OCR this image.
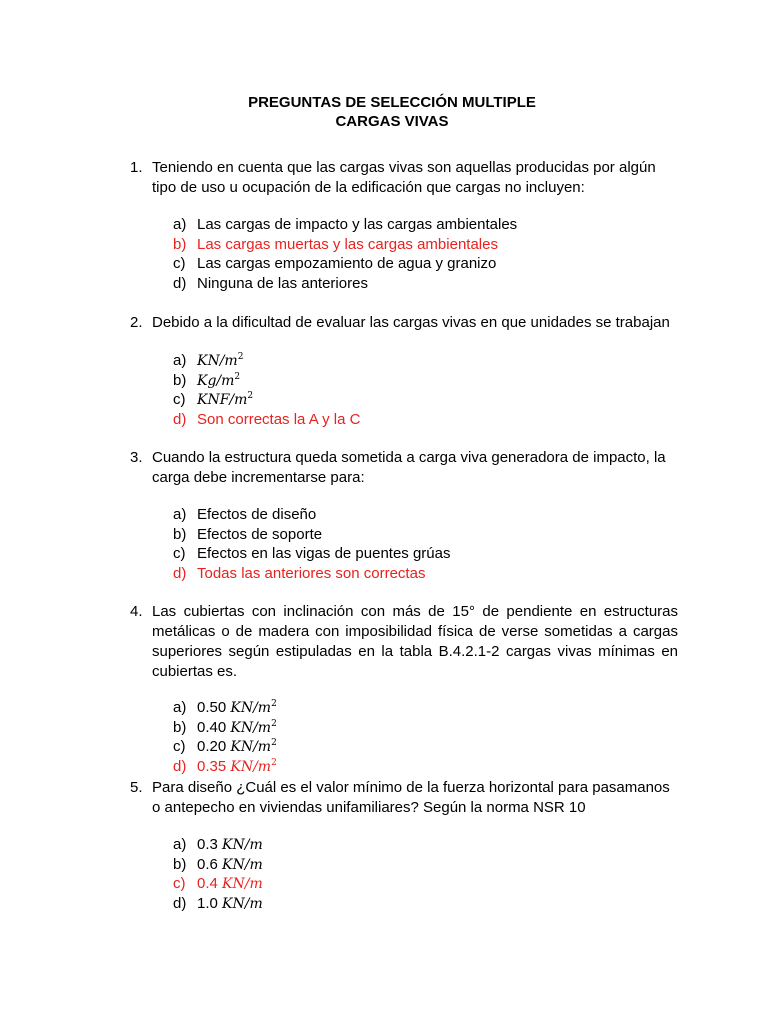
PREGUNTAS DE SELECCIÓN MULTIPLE
CARGAS VIVAS
1. Teniendo en cuenta que las cargas vivas son aquellas producidas por algún tipo de uso u ocupación de la edificación que cargas no incluyen:
a) Las cargas de impacto y las cargas ambientales
b) Las cargas muertas y las cargas ambientales
c) Las cargas empozamiento de agua y granizo
d) Ninguna de las anteriores
2. Debido a la dificultad de evaluar las cargas vivas en que unidades se trabajan
a) $KN/m^2$
b) $Kg/m^2$
c) KNF/$m^2$
d) Son correctas la A y la C
3. Cuando la estructura queda sometida a carga viva generadora de impacto, la carga debe incrementarse para:
a) Efectos de diseño
b) Efectos de soporte
c) Efectos en las vigas de puentes grúas
d) Todas las anteriores son correctas
4. Las cubiertas con inclinación con más de 15° de pendiente en estructuras metálicas o de madera con imposibilidad física de verse sometidas a cargas superiores según estipuladas en la tabla B.4.2.1-2 cargas vivas mínimas en cubiertas es.
a) 0.50 $KN/m^2$
b) 0.40 $KN/m^2$
c) 0.20 $KN/m^2$
d) 0.35 $KN/m^2$
5. Para diseño ¿Cuál es el valor mínimo de la fuerza horizontal para pasamanos o antepecho en viviendas unifamiliares? Según la norma NSR 10
a) 0.3 KN/m
b) 0.6 KN/m
c) 0.4 KN/m
d) 1.0 KN/m
